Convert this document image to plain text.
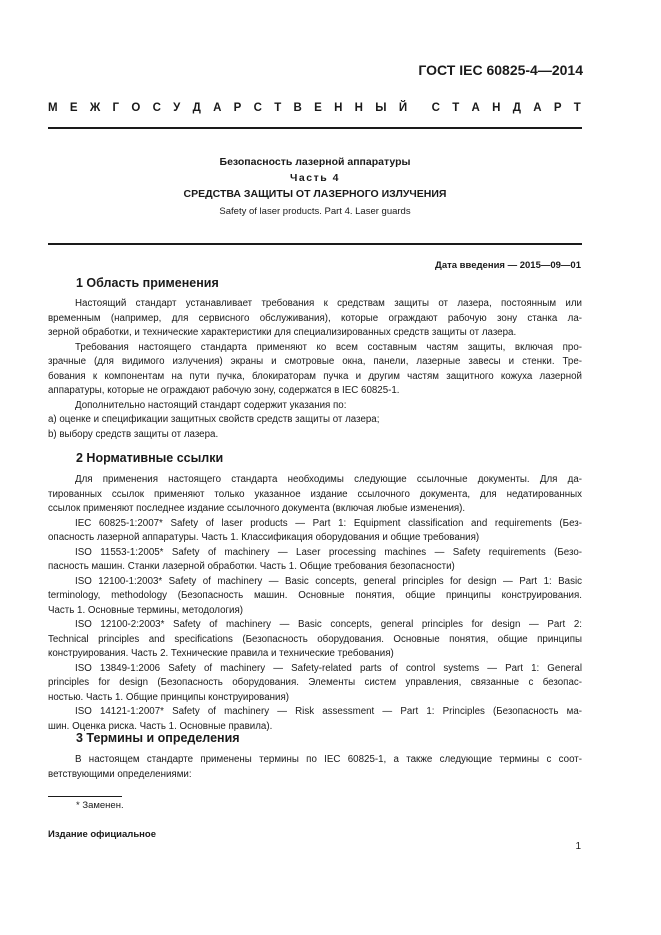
ГОСТ IEC 60825-4—2014
М Е Ж Г О С У Д А Р С Т В Е Н Н Ы Й С Т А Н Д А Р Т
Безопасность лазерной аппаратуры
Часть 4
СРЕДСТВА ЗАЩИТЫ ОТ ЛАЗЕРНОГО ИЗЛУЧЕНИЯ
Safety of laser products. Part 4. Laser guards
Дата введения — 2015—09—01
1 Область применения
Настоящий стандарт устанавливает требования к средствам защиты от лазера, постоянным или
временным (например, для сервисного обслуживания), которые ограждают рабочую зону станка ла-
зерной обработки, и технические характеристики для специализированных средств защиты от лазера.
Требования настоящего стандарта применяют ко всем составным частям защиты, включая про-
зрачные (для видимого излучения) экраны и смотровые окна, панели, лазерные завесы и стенки. Тре-
бования к компонентам на пути пучка, блокираторам пучка и другим частям защитного кожуха лазерной
аппаратуры, которые не ограждают рабочую зону, содержатся в IEC 60825-1.
Дополнительно настоящий стандарт содержит указания по:
a) оценке и спецификации защитных свойств средств защиты от лазера;
b) выбору средств защиты от лазера.
2 Нормативные ссылки
Для применения настоящего стандарта необходимы следующие ссылочные документы. Для да-
тированных ссылок применяют только указанное издание ссылочного документа, для недатированных
ссылок применяют последнее издание ссылочного документа (включая любые изменения).
IEC 60825-1:2007* Safety of laser products — Part 1: Equipment classification and requirements (Без-
опасность лазерной аппаратуры. Часть 1. Классификация оборудования и общие требования)
ISO 11553-1:2005* Safety of machinery — Laser processing machines — Safety requirements (Безо-
пасность машин. Станки лазерной обработки. Часть 1. Общие требования безопасности)
ISO 12100-1:2003* Safety of machinery — Basic concepts, general principles for design — Part 1: Basic
terminology, methodology (Безопасность машин. Основные понятия, общие принципы конструирования.
Часть 1. Основные термины, методология)
ISO 12100-2:2003* Safety of machinery — Basic concepts, general principles for design — Part 2:
Technical principles and specifications (Безопасность оборудования. Основные понятия, общие принципы
конструирования. Часть 2. Технические правила и технические требования)
ISO 13849-1:2006 Safety of machinery — Safety-related parts of control systems — Part 1: General
principles for design (Безопасность оборудования. Элементы систем управления, связанные с безопас-
ностью. Часть 1. Общие принципы конструирования)
ISO 14121-1:2007* Safety of machinery — Risk assessment — Part 1: Principles (Безопасность ма-
шин. Оценка риска. Часть 1. Основные правила).
3 Термины и определения
В настоящем стандарте применены термины по IEC 60825-1, а также следующие термины с соот-
ветствующими определениями:
* Заменен.
Издание официальное
1
